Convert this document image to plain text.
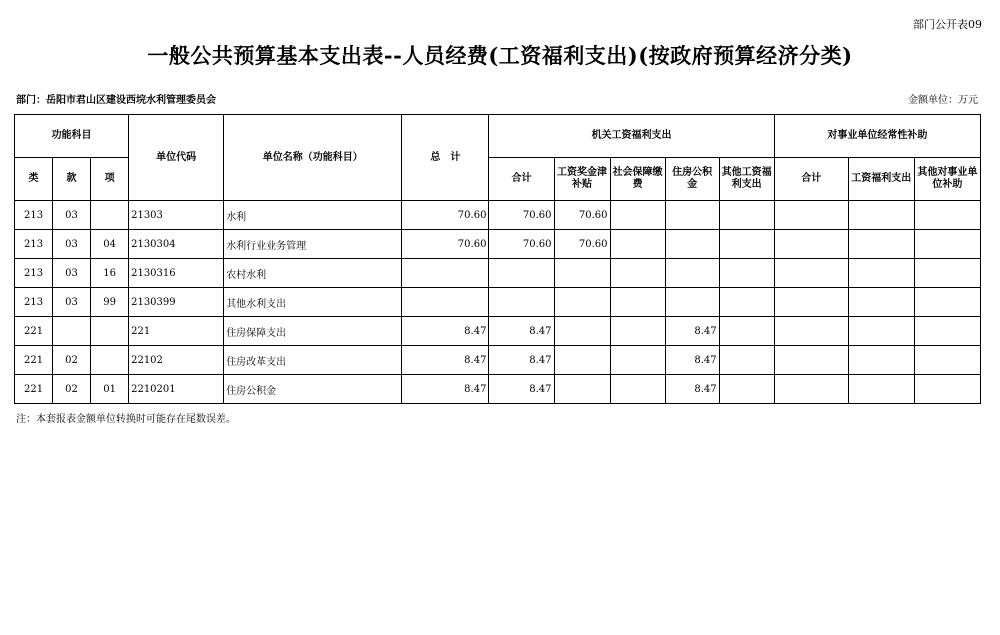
部门公开表09
一般公共预算基本支出表--人员经费(工资福利支出)(按政府预算经济分类)
部门：岳阳市君山区建设西垸水利管理委员会	金额单位：万元
功能科目			单位代码	单位名称（功能科目）	总　计	机关工资福利支出					对事业单位经常性补助		
类	款	项				合计	工资奖金津补贴	社会保障缴费	住房公积金	其他工资福利支出	合计	工资福利支出	其他对事业单位补助
213	03		21303	水利	70.60	70.60	70.60						
213	03	04	2130304	水利行业业务管理	70.60	70.60	70.60						
213	03	16	2130316	农村水利									
213	03	99	2130399	其他水利支出									
221			221	住房保障支出	8.47	8.47			8.47				
221	02		22102	住房改革支出	8.47	8.47			8.47				
221	02	01	2210201	住房公积金	8.47	8.47			8.47				
注：本套报表金额单位转换时可能存在尾数误差。
